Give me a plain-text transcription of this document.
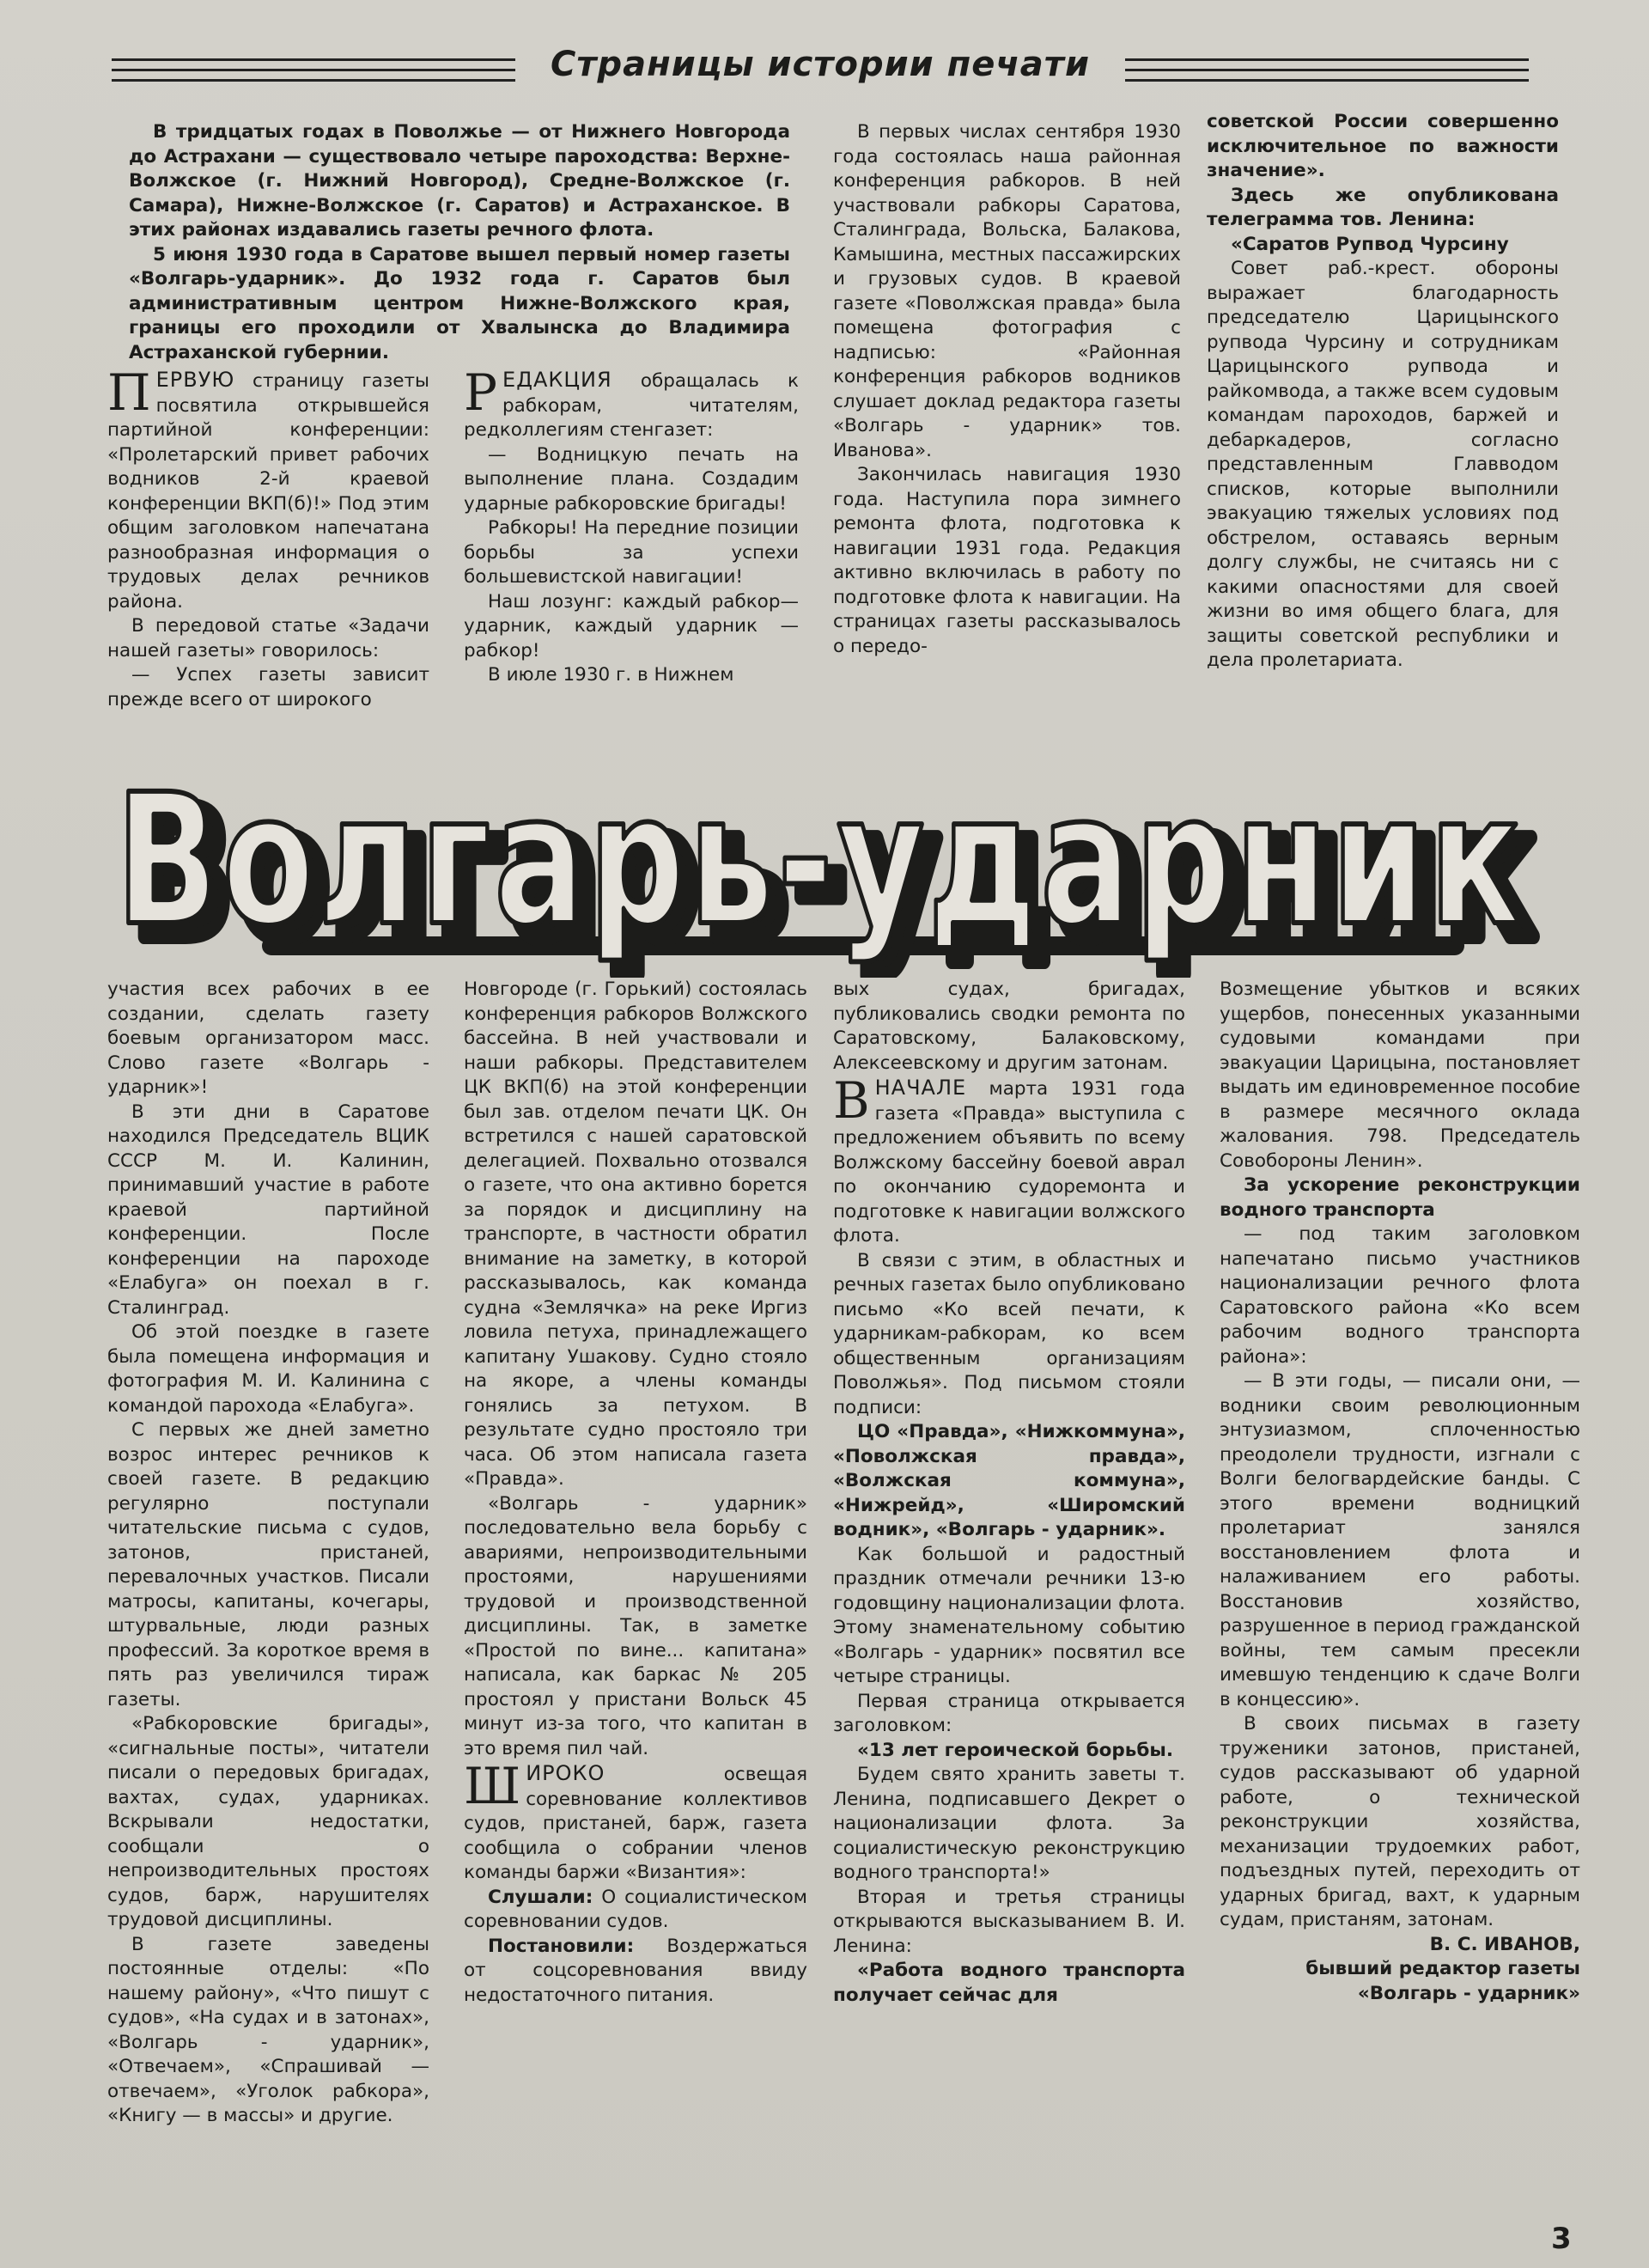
Страницы истории печати

В тридцатых годах в Поволжье — от Нижнего Новгорода до Астрахани — существовало четыре пароходства: Верхне-Волжское (г. Нижний Новгород), Средне-Волжское (г. Самара), Нижне-Волжское (г. Саратов) и Астраханское. В этих районах издавались газеты речного флота.

5 июня 1930 года в Саратове вышел первый номер газеты «Волгарь-ударник». До 1932 года г. Саратов был административным центром Нижне-Волжского края, границы его проходили от Хвалынска до Владимира Астраханской губернии.

ПЕРВУЮ страницу газеты посвятила открывшейся партийной конференции: «Пролетарский привет рабочих водников 2-й краевой конференции ВКП(б)!» Под этим общим заголовком напечатана разнообразная информация о трудовых делах речников района.

В передовой статье «Задачи нашей газеты» говорилось:

— Успех газеты зависит прежде всего от широкого

РЕДАКЦИЯ обращалась к рабкорам, читателям, редколлегиям стенгазет:

— Водницкую печать на выполнение плана. Создадим ударные рабкоровские бригады!

Рабкоры! На передние позиции борьбы за успехи большевистской навигации!

Наш лозунг: каждый рабкор—ударник, каждый ударник — рабкор!

В июле 1930 г. в Нижнем

В первых числах сентября 1930 года состоялась наша районная конференция рабкоров. В ней участвовали рабкоры Саратова, Сталинграда, Вольска, Балакова, Камышина, местных пассажирских и грузовых судов. В краевой газете «Поволжская правда» была помещена фотография с надписью: «Районная конференция рабкоров водников слушает доклад редактора газеты «Волгарь - ударник» тов. Иванова».

Закончилась навигация 1930 года. Наступила пора зимнего ремонта флота, подготовка к навигации 1931 года. Редакция активно включилась в работу по подготовке флота к навигации. На страницах газеты рассказывалось о передо-

советской России совершенно исключительное по важности значение».

Здесь же опубликована телеграмма тов. Ленина:

«Саратов Рупвод Чурсину

Совет раб.-крест. обороны выражает благодарность председателю Царицынского рупвода Чурсину и сотрудникам Царицынского рупвода и райкомвода, а также всем судовым командам пароходов, баржей и дебаркадеров, согласно представленным Главводом списков, которые выполнили эвакуацию тяжелых условиях под обстрелом, оставаясь верным долгу службы, не считаясь ни с какими опасностями для своей жизни во имя общего блага, для защиты советской республики и дела пролетариата.

Волгарь-ударник
Волгарь-ударник

участия всех рабочих в ее создании, сделать газету боевым организатором масс. Слово газете «Волгарь - ударник»!

В эти дни в Саратове находился Председатель ВЦИК СССР М. И. Калинин, принимавший участие в работе краевой партийной конференции. После конференции на пароходе «Елабуга» он поехал в г. Сталинград.

Об этой поездке в газете была помещена информация и фотография М. И. Калинина с командой парохода «Елабуга».

С первых же дней заметно возрос интерес речников к своей газете. В редакцию регулярно поступали читательские письма с судов, затонов, пристаней, перевалочных участков. Писали матросы, капитаны, кочегары, штурвальные, люди разных профессий. За короткое время в пять раз увеличился тираж газеты.

«Рабкоровские бригады», «сигнальные посты», читатели писали о передовых бригадах, вахтах, судах, ударниках. Вскрывали недостатки, сообщали о непроизводительных простоях судов, барж, нарушителях трудовой дисциплины.

В газете заведены постоянные отделы: «По нашему району», «Что пишут с судов», «На судах и в затонах», «Волгарь - ударник», «Отвечаем», «Спрашивай — отвечаем», «Уголок рабкора», «Книгу — в массы» и другие.

Новгороде (г. Горький) состоялась конференция рабкоров Волжского бассейна. В ней участвовали и наши рабкоры. Представителем ЦК ВКП(б) на этой конференции был зав. отделом печати ЦК. Он встретился с нашей саратовской делегацией. Похвально отозвался о газете, что она активно борется за порядок и дисциплину на транспорте, в частности обратил внимание на заметку, в которой рассказывалось, как команда судна «Землячка» на реке Иргиз ловила петуха, принадлежащего капитану Ушакову. Судно стояло на якоре, а члены команды гонялись за петухом. В результате судно простояло три часа. Об этом написала газета «Правда».

«Волгарь - ударник» последовательно вела борьбу с авариями, непроизводительными простоями, нарушениями трудовой и производственной дисциплины. Так, в заметке «Простой по вине... капитана» написала, как баркас № 205 простоял у пристани Вольск 45 минут из-за того, что капитан в это время пил чай.

ШИРОКО	освещая соревнование коллективов судов, пристаней, барж, газета сообщила о собрании членов команды баржи «Византия»:

Слушали: О социалистическом соревновании судов.

Постановили: Воздержаться от соцсоревнования ввиду недостаточного питания.

вых судах, бригадах, публиковались сводки ремонта по Саратовскому, Балаковскому, Алексеевскому и другим затонам.

ВНАЧАЛЕ марта 1931 года газета «Правда» выступила с предложением объявить по всему Волжскому бассейну боевой аврал по окончанию судоремонта и подготовке к навигации волжского флота.

В связи с этим, в областных и речных газетах было опубликовано письмо «Ко всей печати, к ударникам-рабкорам, ко всем общественным организациям Поволжья». Под письмом стояли подписи:

ЦО «Правда», «Нижкоммуна», «Поволжская правда», «Волжская коммуна», «Нижрейд», «Широмский водник», «Волгарь - ударник».

Как большой и радостный праздник отмечали речники 13-ю годовщину национализации флота. Этому знаменательному событию «Волгарь - ударник» посвятил все четыре страницы.

Первая страница открывается заголовком:

«13 лет героической борьбы.

Будем свято хранить заветы т. Ленина, подписавшего Декрет о национализации флота. За социалистическую реконструкцию водного транспорта!»

Вторая и третья страницы открываются высказыванием В. И. Ленина:

«Работа водного транспорта получает сейчас для

Возмещение убытков и всяких ущербов, понесенных указанными судовыми командами при эвакуации Царицына, постановляет выдать им единовременное пособие в размере месячного оклада жалования. 798. Председатель Совобороны Ленин».

За ускорение реконструкции водного транспорта

— под таким заголовком напечатано письмо участников национализации речного флота Саратовского района «Ко всем рабочим водного транспорта района»:

— В эти годы, — писали они, — водники своим революционным энтузиазмом, сплоченностью преодолели трудности, изгнали с Волги белогвардейские банды. С этого времени водницкий пролетариат занялся восстановлением флота и налаживанием его работы. Восстановив хозяйство, разрушенное в период гражданской войны, тем самым пресекли имевшую тенденцию к сдаче Волги в концессию».

В своих письмах в газету труженики затонов, пристаней, судов рассказывают об ударной работе, о технической реконструкции хозяйства, механизации трудоемких работ, подъездных путей, переходить от ударных бригад, вахт, к ударным судам, пристаням, затонам.

В. С. ИВАНОВ,

бывший редактор газеты «Волгарь - ударник»

3
